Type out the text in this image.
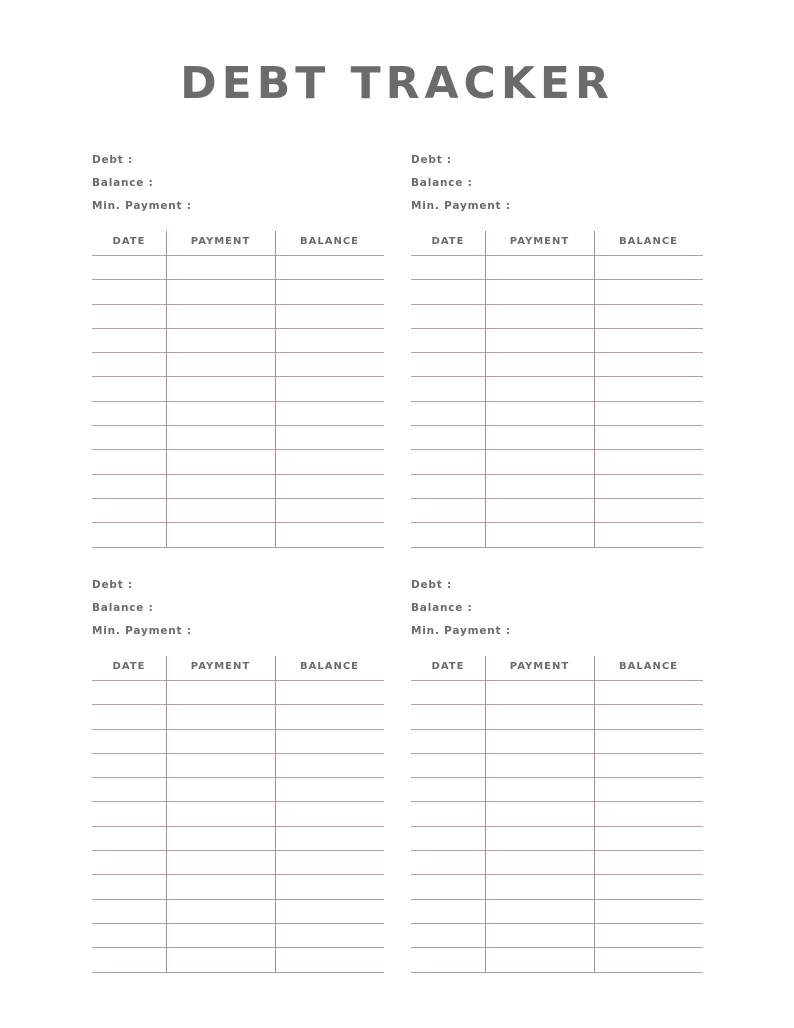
DEBT TRACKER
Debt :
Balance :
Min. Payment :
DATE	PAYMENT	BALANCE
Debt :
Balance :
Min. Payment :
DATE	PAYMENT	BALANCE
Debt :
Balance :
Min. Payment :
DATE	PAYMENT	BALANCE
Debt :
Balance :
Min. Payment :
DATE	PAYMENT	BALANCE
